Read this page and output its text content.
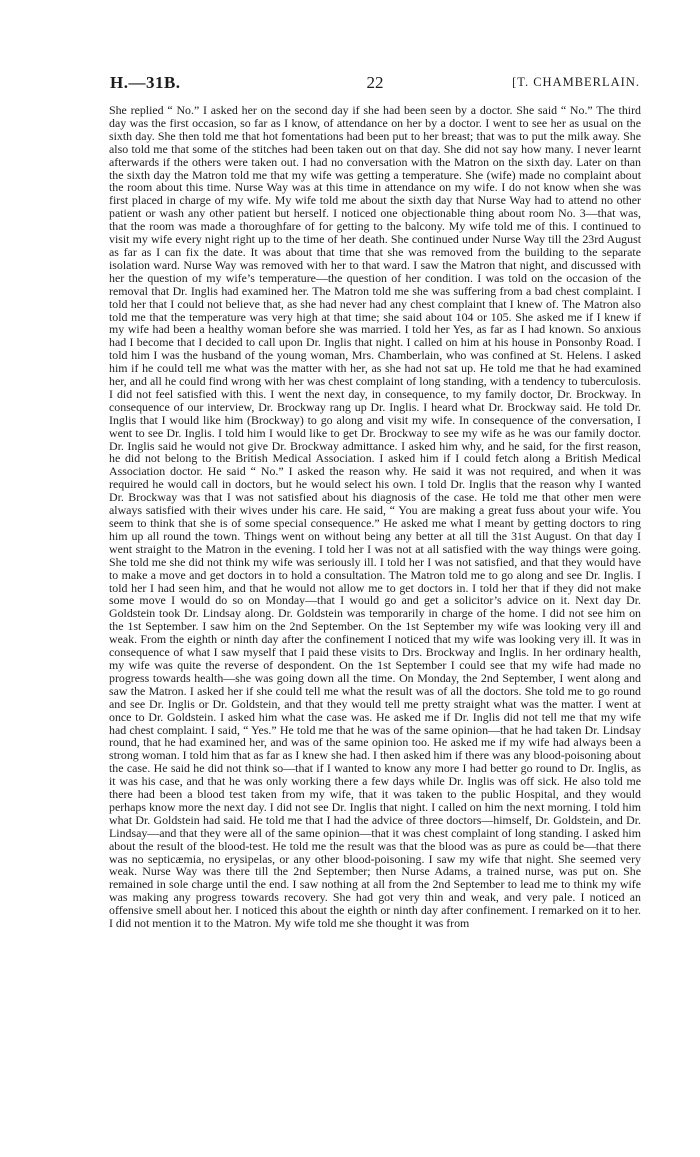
H.—31B.	22	[T. CHAMBERLAIN.

She replied “ No.” I asked her on the second day if she had been seen by a doctor. She said “ No.” The third day was the first occasion, so far as I know, of attendance on her by a doctor. I went to see her as usual on the sixth day. She then told me that hot fomentations had been put to her breast; that was to put the milk away. She also told me that some of the stitches had been taken out on that day. She did not say how many. I never learnt afterwards if the others were taken out. I had no conversation with the Matron on the sixth day. Later on than the sixth day the Matron told me that my wife was getting a temperature. She (wife) made no complaint about the room about this time. Nurse Way was at this time in attendance on my wife. I do not know when she was first placed in charge of my wife. My wife told me about the sixth day that Nurse Way had to attend no other patient or wash any other patient but herself. I noticed one objectionable thing about room No. 3—that was, that the room was made a thoroughfare of for getting to the balcony. My wife told me of this. I continued to visit my wife every night right up to the time of her death. She continued under Nurse Way till the 23rd August as far as I can fix the date. It was about that time that she was removed from the building to the separate isolation ward. Nurse Way was removed with her to that ward. I saw the Matron that night, and discussed with her the question of my wife’s temperature—the question of her condition. I was told on the occasion of the removal that Dr. Inglis had examined her. The Matron told me she was suffering from a bad chest complaint. I told her that I could not believe that, as she had never had any chest complaint that I knew of. The Matron also told me that the temperature was very high at that time; she said about 104 or 105. She asked me if I knew if my wife had been a healthy woman before she was married. I told her Yes, as far as I had known. So anxious had I become that I decided to call upon Dr. Inglis that night. I called on him at his house in Ponsonby Road. I told him I was the husband of the young woman, Mrs. Chamberlain, who was confined at St. Helens. I asked him if he could tell me what was the matter with her, as she had not sat up. He told me that he had examined her, and all he could find wrong with her was chest complaint of long standing, with a tendency to tuberculosis. I did not feel satisfied with this. I went the next day, in consequence, to my family doctor, Dr. Brockway. In consequence of our interview, Dr. Brockway rang up Dr. Inglis. I heard what Dr. Brockway said. He told Dr. Inglis that I would like him (Brockway) to go along and visit my wife. In consequence of the conversation, I went to see Dr. Inglis. I told him I would like to get Dr. Brockway to see my wife as he was our family doctor. Dr. Inglis said he would not give Dr. Brockway admittance. I asked him why, and he said, for the first reason, he did not belong to the British Medical Association. I asked him if I could fetch along a British Medical Association doctor. He said “ No.” I asked the reason why. He said it was not required, and when it was required he would call in doctors, but he would select his own. I told Dr. Inglis that the reason why I wanted Dr. Brockway was that I was not satisfied about his diagnosis of the case. He told me that other men were always satisfied with their wives under his care. He said, “ You are making a great fuss about your wife. You seem to think that she is of some special consequence.” He asked me what I meant by getting doctors to ring him up all round the town. Things went on without being any better at all till the 31st August. On that day I went straight to the Matron in the evening. I told her I was not at all satisfied with the way things were going. She told me she did not think my wife was seriously ill. I told her I was not satisfied, and that they would have to make a move and get doctors in to hold a consultation. The Matron told me to go along and see Dr. Inglis. I told her I had seen him, and that he would not allow me to get doctors in. I told her that if they did not make some move I would do so on Monday—that I would go and get a solicitor’s advice on it. Next day Dr. Goldstein took Dr. Lindsay along. Dr. Goldstein was temporarily in charge of the home. I did not see him on the 1st September. I saw him on the 2nd September. On the 1st September my wife was looking very ill and weak. From the eighth or ninth day after the confinement I noticed that my wife was looking very ill. It was in consequence of what I saw myself that I paid these visits to Drs. Brockway and Inglis. In her ordinary health, my wife was quite the reverse of despondent. On the 1st September I could see that my wife had made no progress towards health—she was going down all the time. On Monday, the 2nd September, I went along and saw the Matron. I asked her if she could tell me what the result was of all the doctors. She told me to go round and see Dr. Inglis or Dr. Goldstein, and that they would tell me pretty straight what was the matter. I went at once to Dr. Goldstein. I asked him what the case was. He asked me if Dr. Inglis did not tell me that my wife had chest complaint. I said, “ Yes.” He told me that he was of the same opinion—that he had taken Dr. Lindsay round, that he had examined her, and was of the same opinion too. He asked me if my wife had always been a strong woman. I told him that as far as I knew she had. I then asked him if there was any blood-poisoning about the case. He said he did not think so—that if I wanted to know any more I had better go round to Dr. Inglis, as it was his case, and that he was only working there a few days while Dr. Inglis was off sick. He also told me there had been a blood test taken from my wife, that it was taken to the public Hospital, and they would perhaps know more the next day. I did not see Dr. Inglis that night. I called on him the next morning. I told him what Dr. Goldstein had said. He told me that I had the advice of three doctors—himself, Dr. Goldstein, and Dr. Lindsay—and that they were all of the same opinion—that it was chest complaint of long standing. I asked him about the result of the blood-test. He told me the result was that the blood was as pure as could be—that there was no septicæmia, no erysipelas, or any other blood-poisoning. I saw my wife that night. She seemed very weak. Nurse Way was there till the 2nd September; then Nurse Adams, a trained nurse, was put on. She remained in sole charge until the end. I saw nothing at all from the 2nd September to lead me to think my wife was making any progress towards recovery. She had got very thin and weak, and very pale. I noticed an offensive smell about her. I noticed this about the eighth or ninth day after confinement. I remarked on it to her. I did not mention it to the Matron. My wife told me she thought it was from
